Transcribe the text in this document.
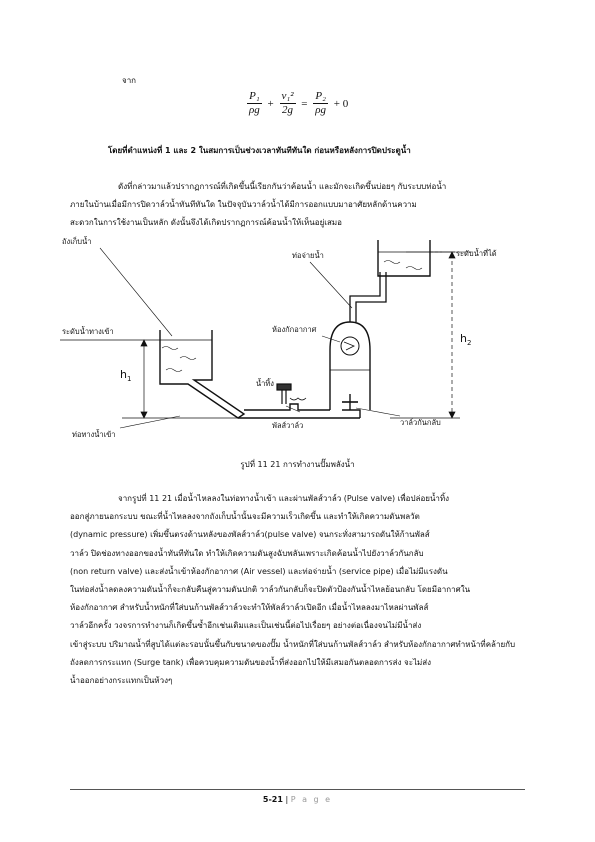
จาก
$\frac{\text{P₁}}{\rho g} + \frac{\text{v₁²}}{2g} = \frac{\text{P₂}}{\rho g} + 0$
โดยที่ตำแหน่งที่ 1 และ 2 ในสมการเป็นช่วงเวลาทันทีทันใด ก่อนหรือหลังการปิดประตูน้ำ
ดังที่กล่าวมาแล้วปรากฏการณ์ที่เกิดขึ้นนี้เรียกกันว่าค้อนน้ำ และมักจะเกิดขึ้นบ่อยๆ กับระบบท่อน้ำ
ภายในบ้านเมื่อมีการปิดวาล์วน้ำทันทีทันใด ในปัจจุบันวาล์วน้ำได้มีการออกแบบมาอาศัยหลักด้านความ
สะดวกในการใช้งานเป็นหลัก ดังนั้นจึงได้เกิดปรากฏการณ์ค้อนน้ำให้เห็นอยู่เสมอ
ถังเก็บน้ำ
ท่อจ่ายน้ำ	ระดับน้ำที่ได้
ห้องกักอากาศ
ระดับน้ำทางเข้า
h1
h2
น้ำทิ้ง
ท่อทางน้ำเข้า
พัลส์วาล์ว	วาล์วกันกลับ
รูปที่ 11 21 การทำงานปั๊มพลังน้ำ
จากรูปที่ 11 21 เมื่อน้ำไหลลงในท่อทางน้ำเข้า และผ่านพัลส์วาล์ว (Pulse valve) เพื่อปล่อยน้ำทิ้ง
ออกสู่ภายนอกระบบ ขณะที่น้ำไหลลงจากถังเก็บน้ำนั้นจะมีความเร็วเกิดขึ้น และทำให้เกิดความดันพลวัต
(dynamic pressure) เพิ่มขึ้นตรงด้านหลังของพัลส์วาล์ว(pulse valve) จนกระทั่งสามารถดันให้ก้านพัลส์
วาล์ว ปิดช่องทางออกของน้ำทันทีทันใด ทำให้เกิดความดันสูงฉับพลันเพราะเกิดค้อนน้ำไปยังวาล์วกันกลับ
(non return valve) และส่งน้ำเข้าห้องกักอากาศ (Air vessel) และท่อจ่ายน้ำ (service pipe) เมื่อไม่มีแรงดัน
ในท่อส่งน้ำลดลงความดันน้ำก็จะกลับคืนสู่ความดันปกติ วาล์วกันกลับก็จะปิดตัวป้องกันน้ำไหลย้อนกลับ โดยมีอากาศใน
ห้องกักอากาศ สำหรับน้ำหนักที่ใส่บนก้านพัลส์วาล์วจะทำให้พัลส์วาล์วเปิดอีก เมื่อน้ำไหลลงมาไหลผ่านพัลส์
วาล์วอีกครั้ง วงจรการทำงานก็เกิดขึ้นซ้ำอีกเช่นเดิมและเป็นเช่นนี้ต่อไปเรื่อยๆ อย่างต่อเนื่องจนไม่มีน้ำส่ง
เข้าสู่ระบบ ปริมาณน้ำที่สูบได้แต่ละรอบนั้นขึ้นกับขนาดของปั๊ม น้ำหนักที่ใส่บนก้านพัลส์วาล์ว สำหรับห้องกักอากาศทำหน้าที่คล้ายกับ
ถังลดการกระแทก (Surge tank) เพื่อควบคุมความดันของน้ำที่ส่งออกไปให้มีเสมอกันตลอดการส่ง จะไม่ส่ง
น้ำออกอย่างกระแทกเป็นห้วงๆ
5-21 | P a g e
